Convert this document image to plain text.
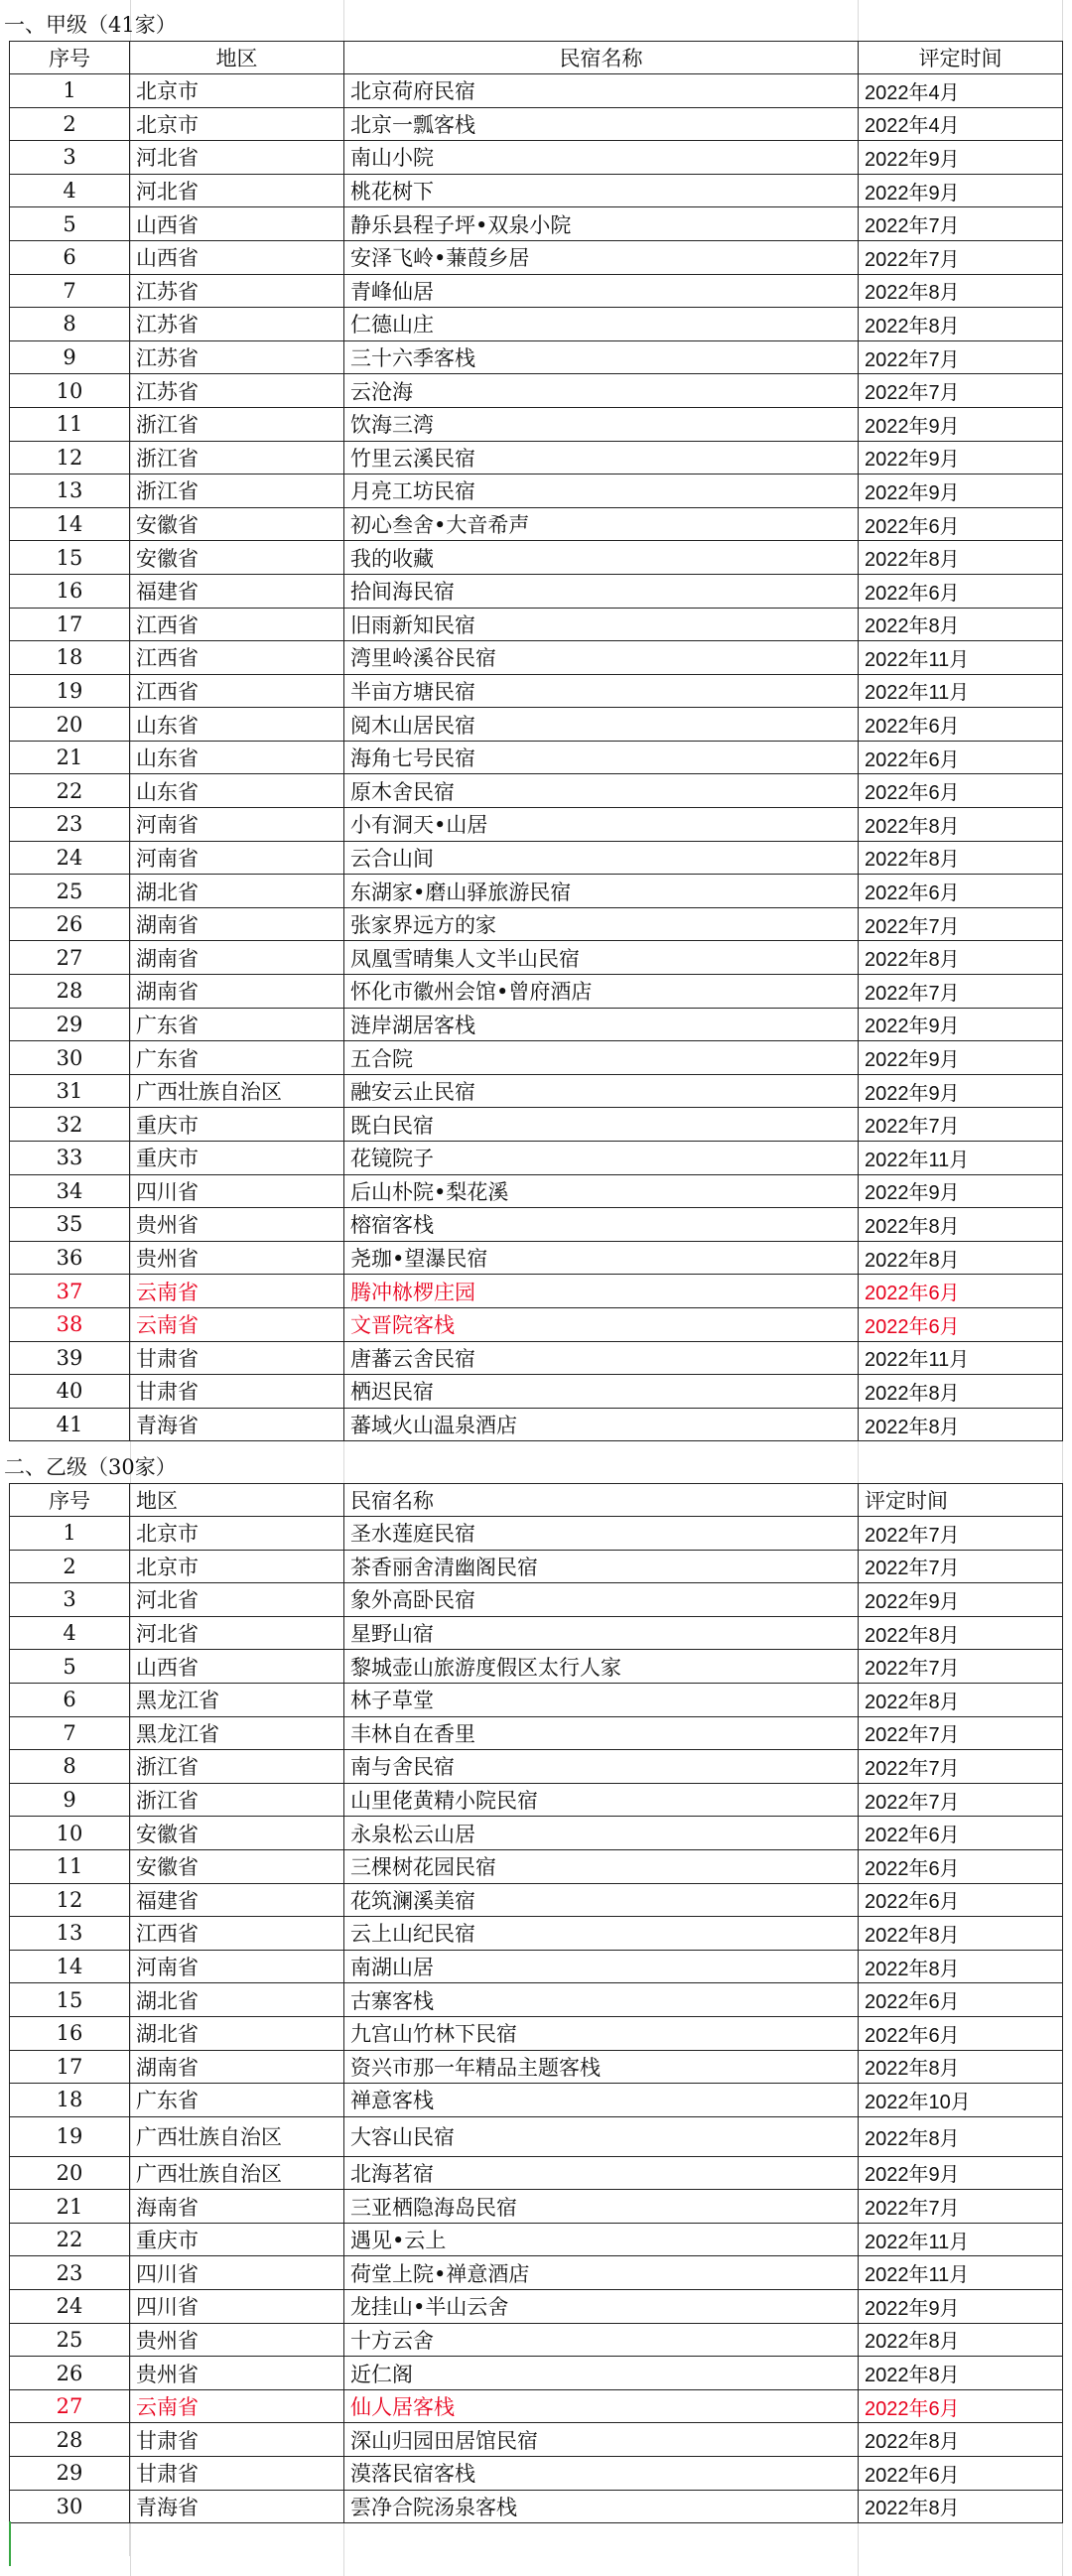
一、甲级（41家）
序号	地区	民宿名称	评定时间
1	北京市	北京荷府民宿	2022年4月
2	北京市	北京一瓢客栈	2022年4月
3	河北省	南山小院	2022年9月
4	河北省	桃花树下	2022年9月
5	山西省	静乐县程子坪•双泉小院	2022年7月
6	山西省	安泽飞岭•蒹葭乡居	2022年7月
7	江苏省	青峰仙居	2022年8月
8	江苏省	仁德山庄	2022年8月
9	江苏省	三十六季客栈	2022年7月
10	江苏省	云沧海	2022年7月
11	浙江省	饮海三湾	2022年9月
12	浙江省	竹里云溪民宿	2022年9月
13	浙江省	月亮工坊民宿	2022年9月
14	安徽省	初心叁舍•大音希声	2022年6月
15	安徽省	我的收藏	2022年8月
16	福建省	拾间海民宿	2022年6月
17	江西省	旧雨新知民宿	2022年8月
18	江西省	湾里岭溪谷民宿	2022年11月
19	江西省	半亩方塘民宿	2022年11月
20	山东省	阅木山居民宿	2022年6月
21	山东省	海角七号民宿	2022年6月
22	山东省	原木舍民宿	2022年6月
23	河南省	小有洞天•山居	2022年8月
24	河南省	云合山间	2022年8月
25	湖北省	东湖家•磨山驿旅游民宿	2022年6月
26	湖南省	张家界远方的家	2022年7月
27	湖南省	凤凰雪晴集人文半山民宿	2022年8月
28	湖南省	怀化市徽州会馆•曾府酒店	2022年7月
29	广东省	涟岸湖居客栈	2022年9月
30	广东省	五合院	2022年9月
31	广西壮族自治区	融安云止民宿	2022年9月
32	重庆市	既白民宿	2022年7月
33	重庆市	花镜院子	2022年11月
34	四川省	后山朴院•梨花溪	2022年9月
35	贵州省	榕宿客栈	2022年8月
36	贵州省	尧珈•望瀑民宿	2022年8月
37	云南省	腾冲栤椤庄园	2022年6月
38	云南省	文晋院客栈	2022年6月
39	甘肃省	唐蕃云舍民宿	2022年11月
40	甘肃省	栖迟民宿	2022年8月
41	青海省	蕃域火山温泉酒店	2022年8月
二、乙级（30家）
序号	地区	民宿名称	评定时间
1	北京市	圣水莲庭民宿	2022年7月
2	北京市	茶香丽舍清幽阁民宿	2022年7月
3	河北省	象外高卧民宿	2022年9月
4	河北省	星野山宿	2022年8月
5	山西省	黎城壶山旅游度假区太行人家	2022年7月
6	黑龙江省	林子草堂	2022年8月
7	黑龙江省	丰林自在香里	2022年7月
8	浙江省	南与舍民宿	2022年7月
9	浙江省	山里佬黄精小院民宿	2022年7月
10	安徽省	永泉松云山居	2022年6月
11	安徽省	三棵树花园民宿	2022年6月
12	福建省	花筑澜溪美宿	2022年6月
13	江西省	云上山纪民宿	2022年8月
14	河南省	南湖山居	2022年8月
15	湖北省	古寨客栈	2022年6月
16	湖北省	九宫山竹林下民宿	2022年6月
17	湖南省	资兴市那一年精品主题客栈	2022年8月
18	广东省	禅意客栈	2022年10月
19	广西壮族自治区	大容山民宿	2022年8月
20	广西壮族自治区	北海茗宿	2022年9月
21	海南省	三亚栖隐海岛民宿	2022年7月
22	重庆市	遇见•云上	2022年11月
23	四川省	荷堂上院•禅意酒店	2022年11月
24	四川省	龙挂山•半山云舍	2022年9月
25	贵州省	十方云舍	2022年8月
26	贵州省	近仁阁	2022年8月
27	云南省	仙人居客栈	2022年6月
28	甘肃省	深山归园田居馆民宿	2022年8月
29	甘肃省	漠落民宿客栈	2022年6月
30	青海省	雲净合院汤泉客栈	2022年8月
